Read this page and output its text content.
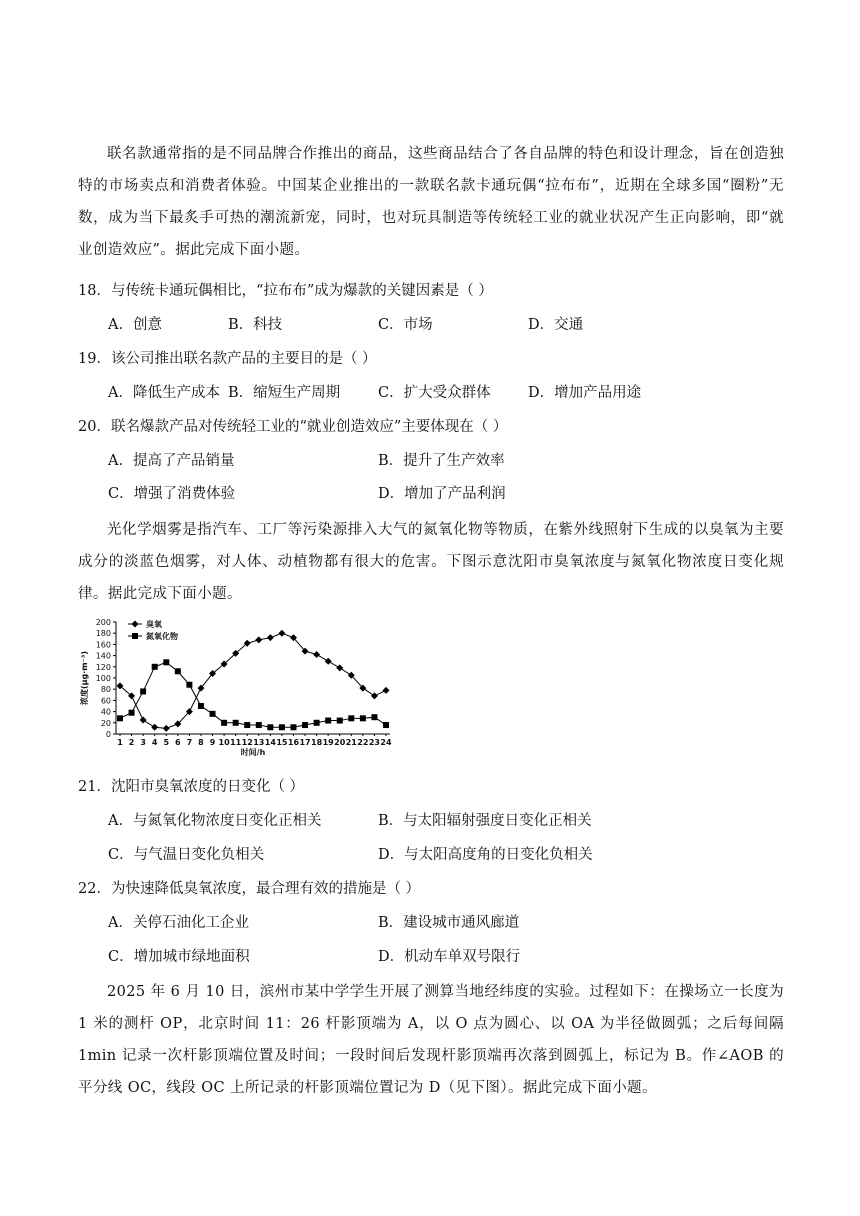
联名款通常指的是不同品牌合作推出的商品，这些商品结合了各自品牌的特色和设计理念，旨在创造独特的市场卖点和消费者体验。中国某企业推出的一款联名款卡通玩偶“拉布布”，近期在全球多国“圈粉”无数，成为当下最炙手可热的潮流新宠，同时，也对玩具制造等传统轻工业的就业状况产生正向影响，即“就业创造效应”。据此完成下面小题。

18．与传统卡通玩偶相比，“拉布布”成为爆款的关键因素是（ ）
A．创意	B．科技	C．市场	D．交通
19．该公司推出联名款产品的主要目的是（ ）
A．降低生产成本 B．缩短生产周期	C．扩大受众群体	D．增加产品用途
20．联名爆款产品对传统轻工业的“就业创造效应”主要体现在（ ）
A．提高了产品销量	B．提升了生产效率
C．增强了消费体验	D．增加了产品利润

光化学烟雾是指汽车、工厂等污染源排入大气的氮氧化物等物质，在紫外线照射下生成的以臭氧为主要成分的淡蓝色烟雾，对人体、动植物都有很大的危害。下图示意沈阳市臭氧浓度与氮氧化物浓度日变化规律。据此完成下面小题。

0
20
40
60
80
100
120
140
160
180
200
1 2 3 4 5 6 7 8 9 10 11 12 13 14 15 16 17 18 19 20 21 22 23 24
时间/h
浓度(μg·m⁻³)
臭氧
氮氧化物
21．沈阳市臭氧浓度的日变化（ ）
A．与氮氧化物浓度日变化正相关	B．与太阳辐射强度日变化正相关
C．与气温日变化负相关	D．与太阳高度角的日变化负相关
22．为快速降低臭氧浓度，最合理有效的措施是（ ）
A．关停石油化工企业	B．建设城市通风廊道
C．增加城市绿地面积	D．机动车单双号限行

2025 年 6 月 10 日，滨州市某中学学生开展了测算当地经纬度的实验。过程如下：在操场立一长度为 1 米的测杆 OP，北京时间 11：26 杆影顶端为 A，以 O 点为圆心、以 OA 为半径做圆弧；之后每间隔 1min 记录一次杆影顶端位置及时间；一段时间后发现杆影顶端再次落到圆弧上，标记为 B。作∠AOB 的平分线 OC，线段 OC 上所记录的杆影顶端位置记为 D（见下图）。据此完成下面小题。
